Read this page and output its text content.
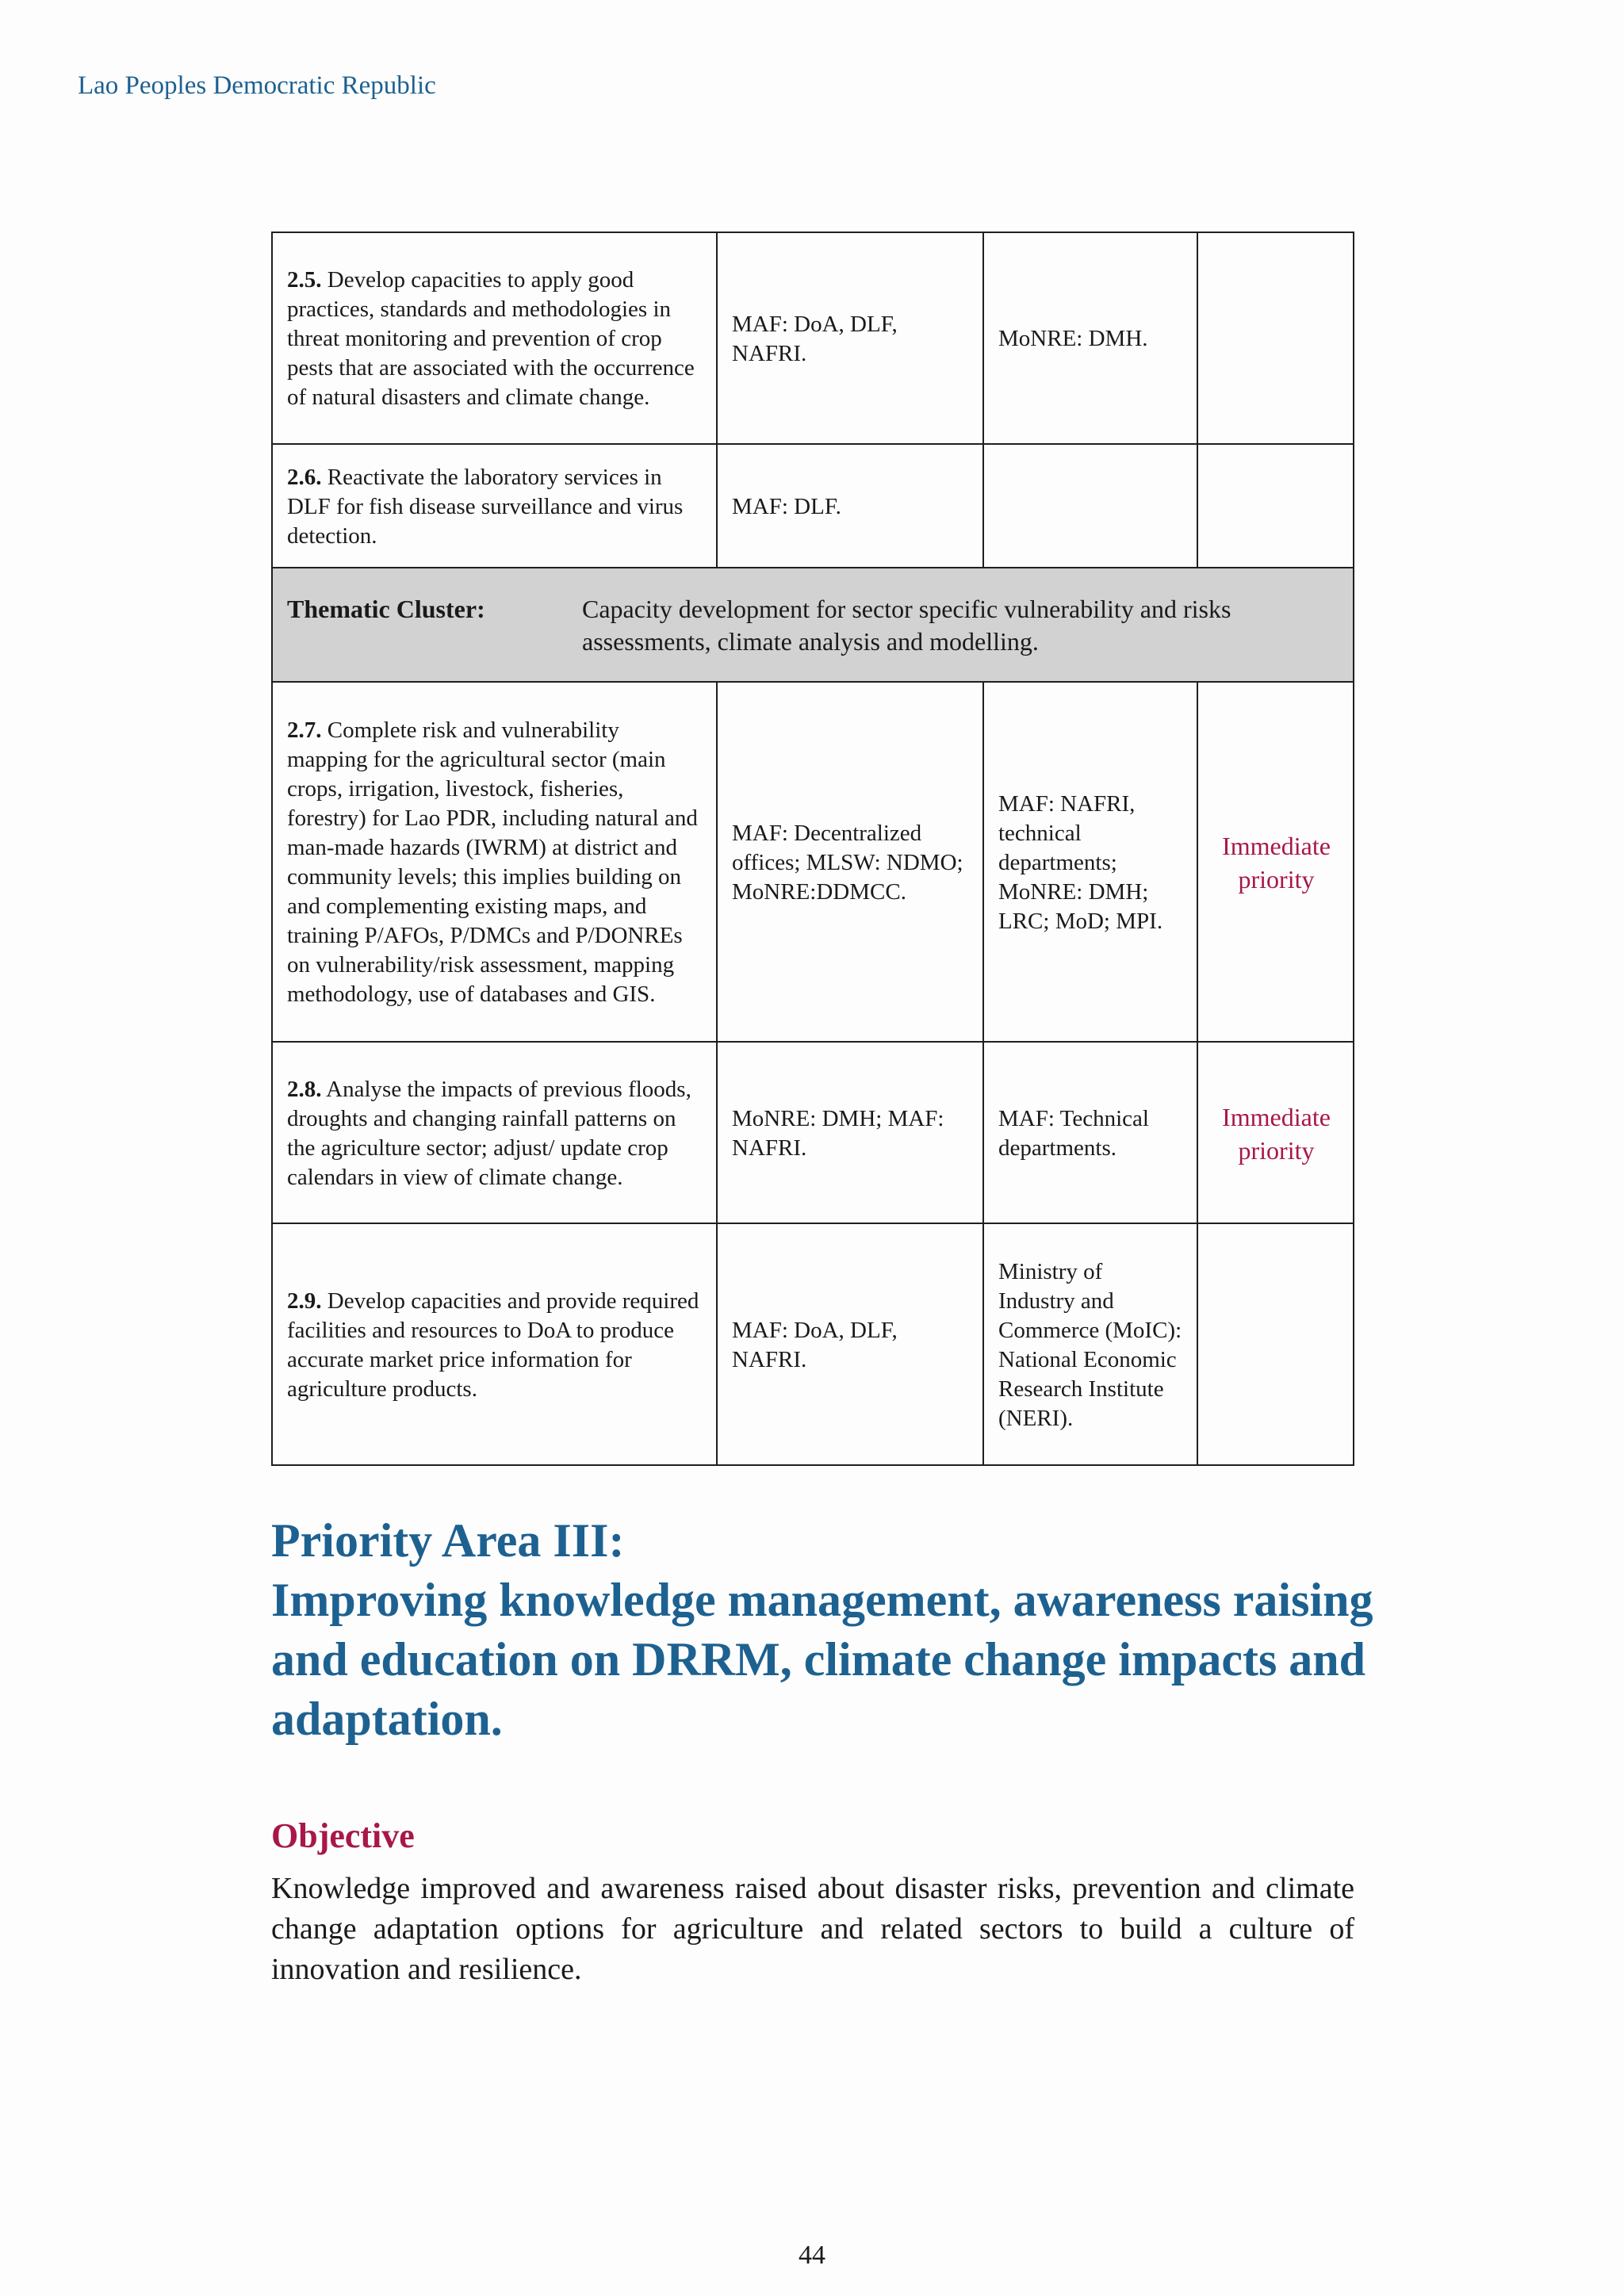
Lao Peoples Democratic Republic
2.5. Develop capacities to apply good practices, standards and methodologies in threat monitoring and prevention of crop pests that are associated with the occurrence of natural disasters and climate change.	MAF: DoA, DLF, NAFRI.	MoNRE: DMH.	
2.6. Reactivate the laboratory services in DLF for fish disease surveillance and virus detection.	MAF: DLF.		

Thematic Cluster: Capacity development for sector specific vulnerability and risks assessments, climate analysis and modelling.			

2.7. Complete risk and vulnerability mapping for the agricultural sector (main crops, irrigation, livestock, fisheries, forestry) for Lao PDR, including natural and man-made hazards (IWRM) at district and community levels; this implies building on and complementing existing maps, and training P/AFOs, P/DMCs and P/DONREs on vulnerability/risk assessment, mapping methodology, use of databases and GIS.	MAF: Decentralized offices; MLSW: NDMO; MoNRE:DDMCC.	MAF: NAFRI, technical departments; MoNRE: DMH; LRC; MoD; MPI.	Immediate priority
2.8. Analyse the impacts of previous floods, droughts and changing rainfall patterns on the agriculture sector; adjust/ update crop calendars in view of climate change.	MoNRE: DMH; MAF: NAFRI.	MAF: Technical departments.	Immediate priority
2.9. Develop capacities and provide required facilities and resources to DoA to produce accurate market price information for agriculture products.	MAF: DoA, DLF, NAFRI.	Ministry of Industry and Commerce (MoIC): National Economic Research Institute (NERI).	
Priority Area III:
Improving knowledge management, awareness raising and education on DRRM, climate change impacts and adaptation.
Objective

Knowledge improved and awareness raised about disaster risks, prevention and climate change adaptation options for agriculture and related sectors to build a culture of innovation and resilience.

44
